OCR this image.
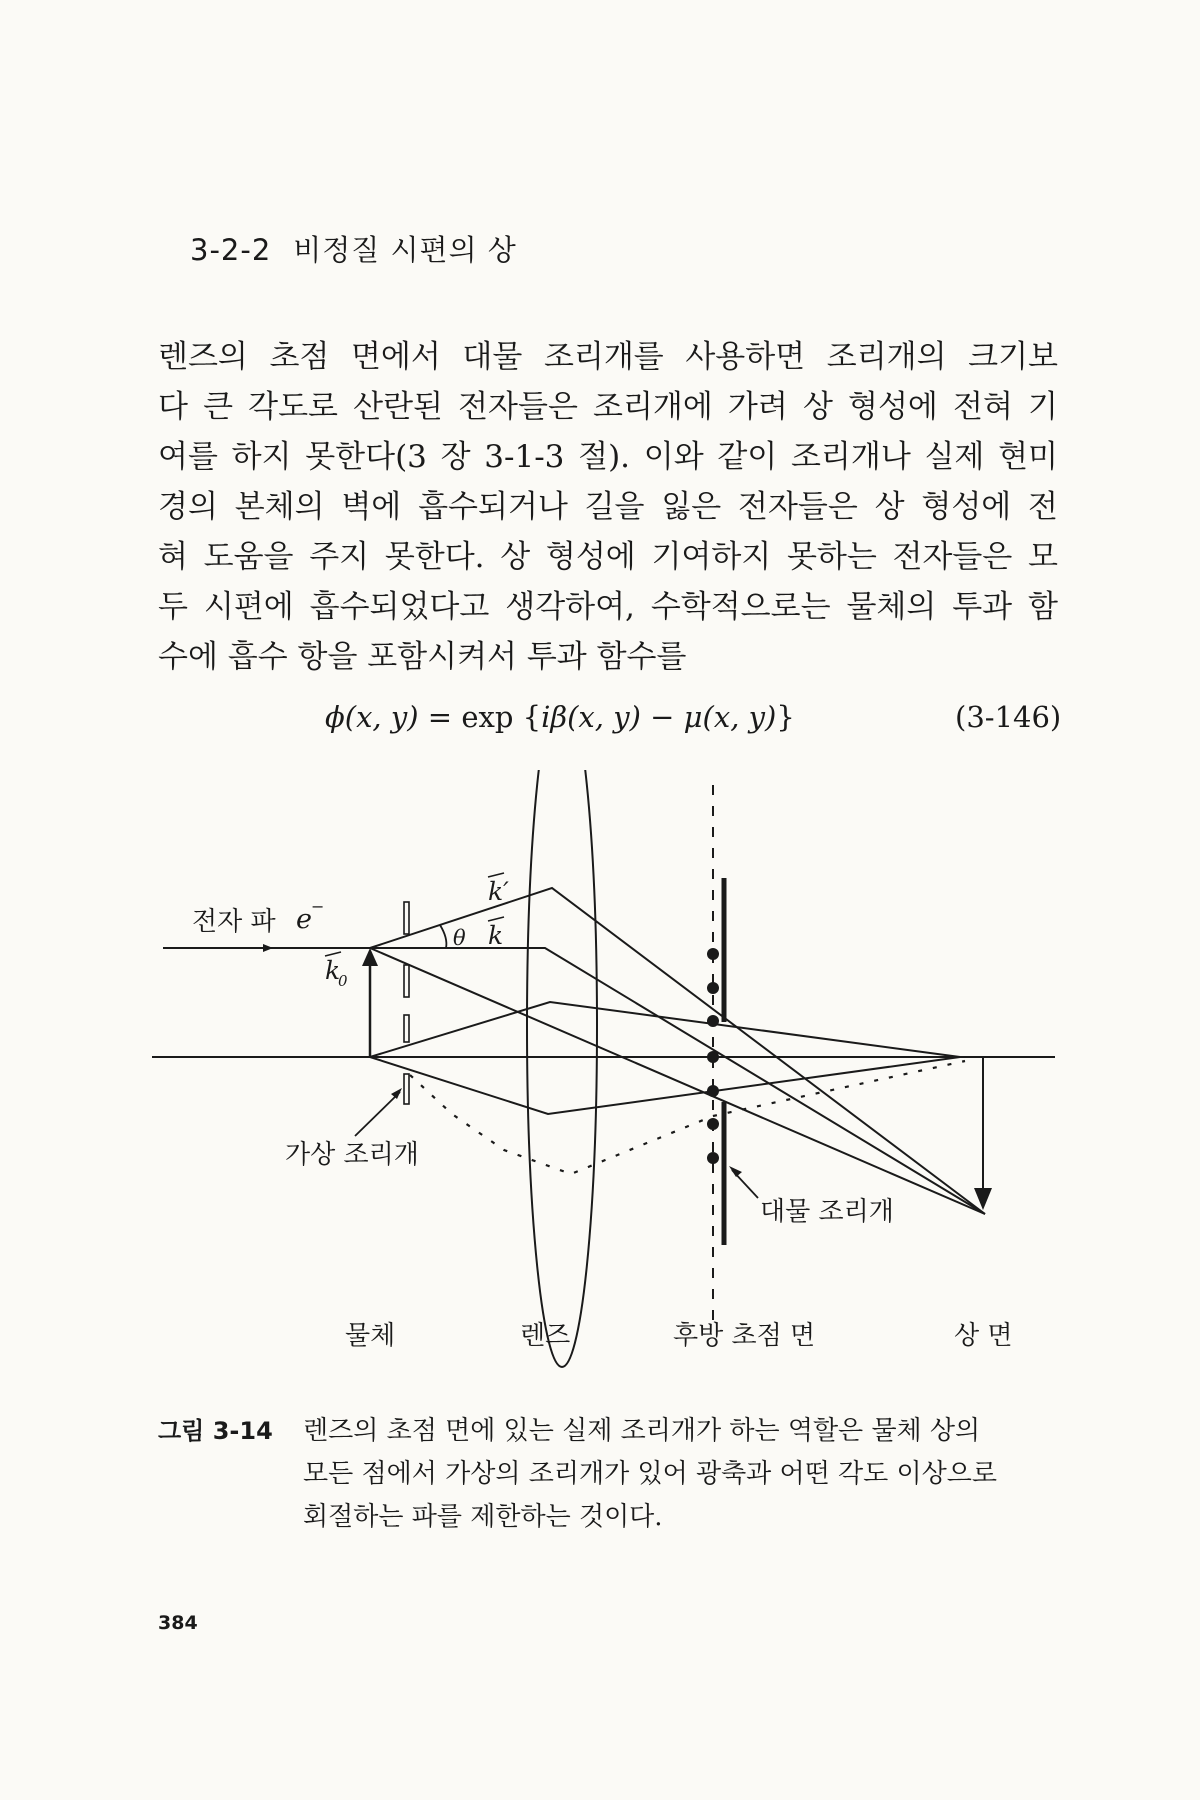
3-2-2 비정질 시편의 상
렌즈의 초점 면에서 대물 조리개를 사용하면 조리개의 크기보
다 큰 각도로 산란된 전자들은 조리개에 가려 상 형성에 전혀 기
여를 하지 못한다(3 장 3-1-3 절). 이와 같이 조리개나 실제 현미
경의 본체의 벽에 흡수되거나 길을 잃은 전자들은 상 형성에 전
혀 도움을 주지 못한다. 상 형성에 기여하지 못하는 전자들은 모
두 시편에 흡수되었다고 생각하여, 수학적으로는 물체의 투과 함
수에 흡수 항을 포함시켜서 투과 함수를
ϕ(x, y) = exp {iβ(x, y) − μ(x, y)}	(3-146)
전자 파
가상 조리개
대물 조리개
물체	렌즈	후방 초점 면	상 면
e −
k′
θ k
k
0
그림 3-14 렌즈의 초점 면에 있는 실제 조리개가 하는 역할은 물체 상의
모든 점에서 가상의 조리개가 있어 광축과 어떤 각도 이상으로
회절하는 파를 제한하는 것이다.
384
